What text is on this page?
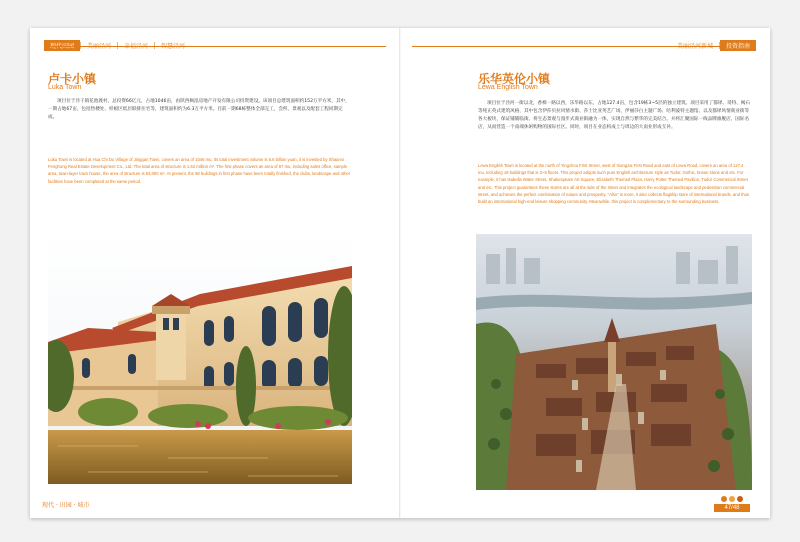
卢卡小镇
Luka Town

项目位于泾干镇花池渡村，总投资66亿元，占地1046亩，由陕西枫泓房地产开发有限公司投资建设。该项目总建筑面积约152万平方米，其中，一期占地67亩，包括售楼处、样板区低层联排住宅等，建筑面积约为6.3万平方米。目前一期68栋整体全部完工，会所、景观以及配套工程同期完成。

Luka Town is located at Hua Chi Du Village of Jinggan Town, covers an area of 1046 mu. Its total investment volume is 6.6 billion yuan, it is invested by Shaanxi Fenghong Real Estate Development Co., Ltd. The total area of structure is 1.52 million m². The first phase covers an area of 67 mu, including sales office, sample area, town-layer town house, the area of structure is 63,000 m². At present, the 68 buildings in first phase have been totally finished, the clubs, landscape and other facilities have been completed at the same period.

现代 · 田园 · 城市
美丽泾河新城	投资指南
乐华英伦小镇
Lewa English Town

项目位于泾河一街以北，香樟一路以西，乐华路以东，占地127.4亩，包含19栋3~5层的独立建筑。项目采用了都铎、哥特、褐石等纯正英式建筑风格，其中包含伊莎贝拉风情水街、莎士比亚英艺广场、伊丽莎白主题广场、哈利波特主题馆、以及都铎风情商业街等各大板块，保证铺铺临街。将生态景观与漫步式商业街融为一体，实现自然与繁华的完美结合。并将汇聚国际一线品牌旗舰店、国际名店，从而营造一个南端休闲购物的国际社区。同时，项目在业态构成上与周边的大南业形成互补。

Lewa English Town is located at the north of Yingchou First Street, west of Xiangzai First Road and east of Lewa Road, covers an area of 127.4 mu, including 19 buildings that is 3~5 floors. This project adopts such pure English architecture style as Tudor, Gothic, brown stone and etc. For example, it has Isabella Water Street, Shakespeare Art Square, Elizabeth Themed Plaza, Harry Potter Themed Pavilion, Tudor Commercial Street and etc. This project guarantees these stores are all at the side of the street and integrates the ecological landscape and pedestrian commercial street, and achieves the perfect combination of nature and prosperity. "Also" is more, it also collects flagship store of international brands, and thus build an international high-end leisure shopping community. Meanwhile, this project is complementary to the surrounding business.

47/48
